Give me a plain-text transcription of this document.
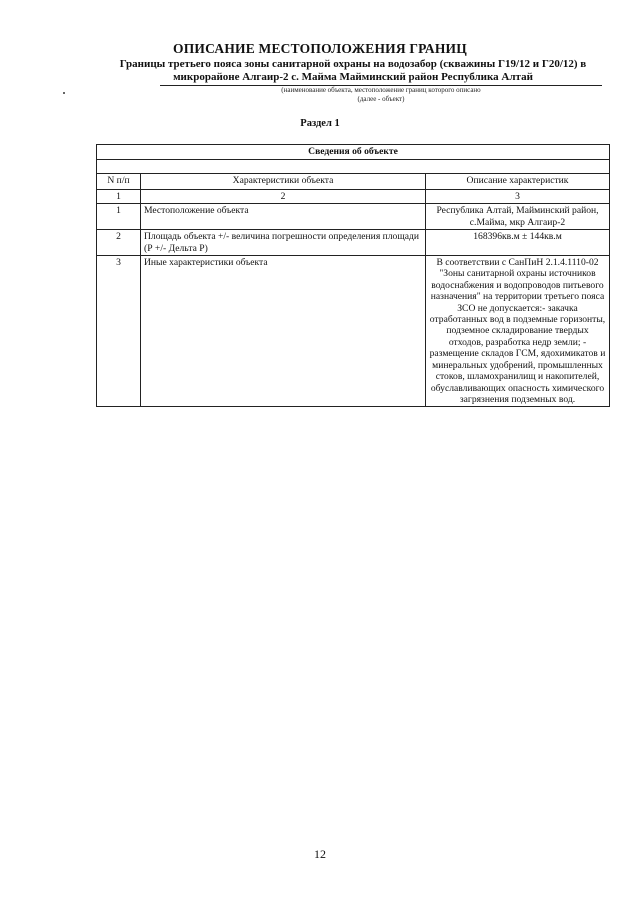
ОПИСАНИЕ МЕСТОПОЛОЖЕНИЯ ГРАНИЦ
Границы третьего пояса зоны санитарной охраны на водозабор (скважины Г19/12 и Г20/12) в
микрорайоне Алгаир-2 с. Майма Майминский район Республика Алтай
(наименование объекта, местоположение границ которого описано
(далее - объект)
Раздел 1
Сведения об объекте		

N п/п	Характеристики объекта	Описание характеристик
1	2	3
1	Местоположение объекта	Республика Алтай, Майминский район, с.Майма, мкр Алгаир-2
2	Площадь объекта +/- величина погрешности определения площади
(Р +/- Дельта Р)	168396кв.м ± 144кв.м
3	Иные характеристики объекта	В соответствии с СанПиН 2.1.4.1110-02 "Зоны санитарной охраны источников водоснабжения и водопроводов питьевого назначения" на территории третьего пояса ЗСО не допускается:- закачка отработанных вод в подземные горизонты, подземное складирование твердых отходов, разработка недр земли; - размещение складов ГСМ, ядохимикатов и минеральных удобрений, промышленных стоков, шламохранилищ и накопителей, обуславливающих опасность химического загрязнения подземных вод.
12
